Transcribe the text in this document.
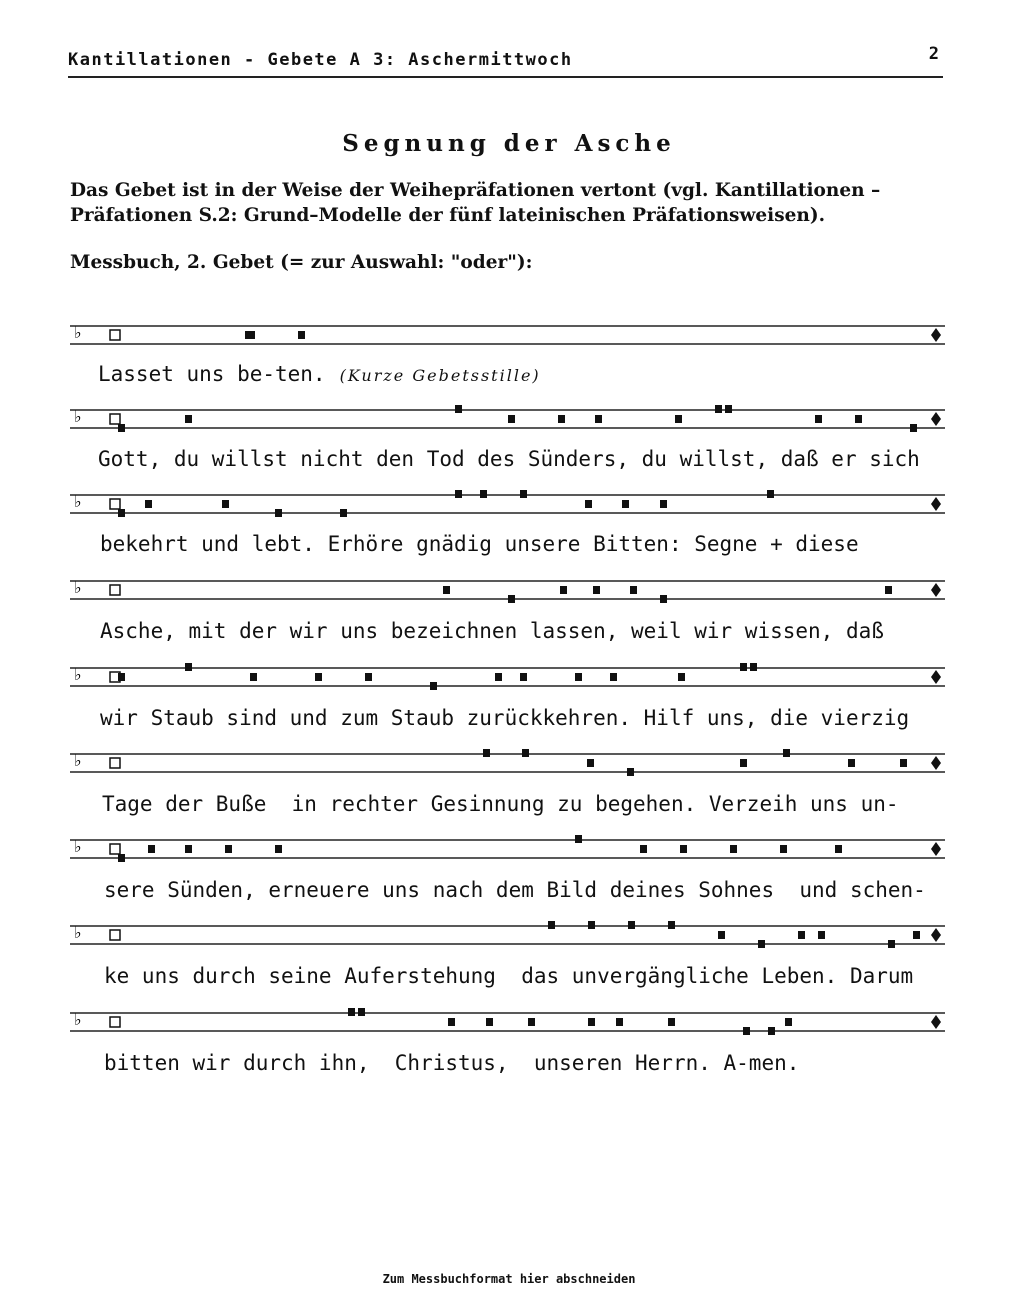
Kantillationen - Gebete A 3: Aschermittwoch	2
Segnung der Asche
Das Gebet ist in der Weise der Weihepräfationen vertont (vgl. Kantillationen – Präfationen S.2: Grund–Modelle der fünf lateinischen Präfationsweisen).
Messbuch, 2. Gebet (= zur Auswahl: "oder"):
♭
Lasset uns be-ten. (Kurze Gebetsstille)
♭
Gott, du willst nicht den Tod des Sünders, du willst, daß er sich
♭
bekehrt und lebt. Erhöre gnädig unsere Bitten: Segne + diese
♭
Asche, mit der wir uns bezeichnen lassen, weil wir wissen, daß
♭
wir Staub sind und zum Staub zurückkehren. Hilf uns, die vierzig
♭
Tage der Buße  in rechter Gesinnung zu begehen. Verzeih uns un-
♭
sere Sünden, erneuere uns nach dem Bild deines Sohnes  und schen-
♭
ke uns durch seine Auferstehung  das unvergängliche Leben. Darum
♭
bitten wir durch ihn,  Christus,  unseren Herrn. A-men.
Zum Messbuchformat hier abschneiden
